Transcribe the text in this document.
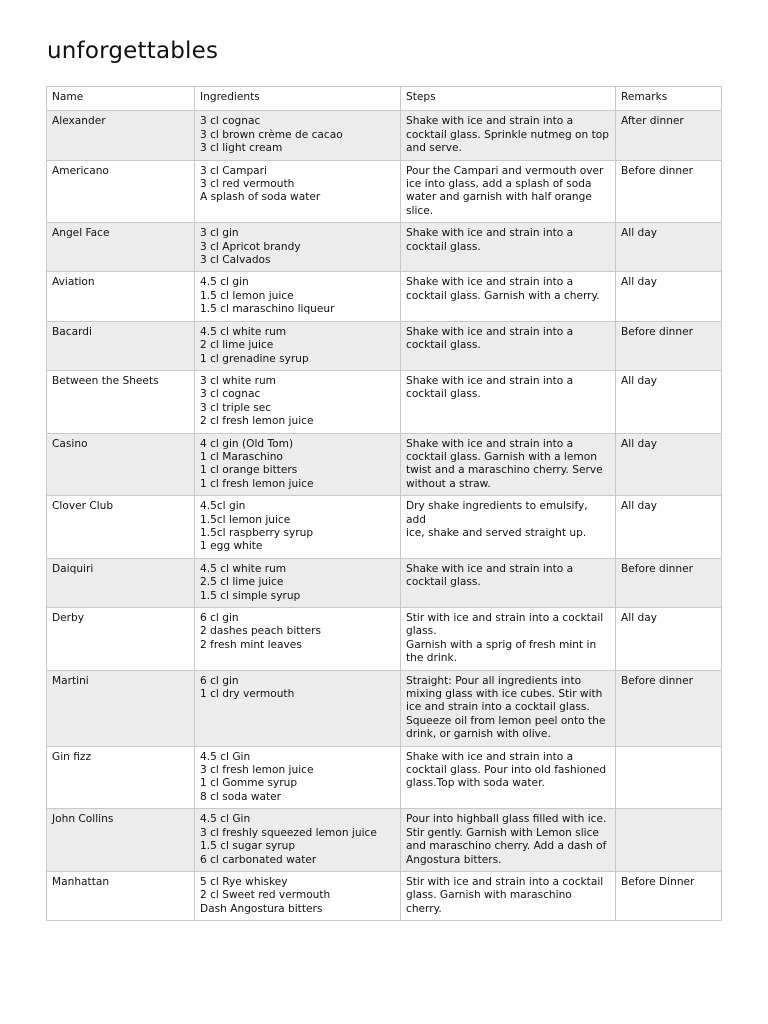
unforgettables
Name	Ingredients	Steps	Remarks
Alexander	3 cl cognac
3 cl brown crème de cacao
3 cl light cream	Shake with ice and strain into a
cocktail glass. Sprinkle nutmeg on top
and serve.	After dinner
Americano	3 cl Campari
3 cl red vermouth
A splash of soda water	Pour the Campari and vermouth over
ice into glass, add a splash of soda
water and garnish with half orange
slice.	Before dinner
Angel Face	3 cl gin
3 cl Apricot brandy
3 cl Calvados	Shake with ice and strain into a
cocktail glass.	All day
Aviation	4.5 cl gin
1.5 cl lemon juice
1.5 cl maraschino liqueur	Shake with ice and strain into a
cocktail glass. Garnish with a cherry.	All day
Bacardi	4.5 cl white rum
2 cl lime juice
1 cl grenadine syrup	Shake with ice and strain into a
cocktail glass.	Before dinner
Between the Sheets	3 cl white rum
3 cl cognac
3 cl triple sec
2 cl fresh lemon juice	Shake with ice and strain into a
cocktail glass.	All day
Casino	4 cl gin (Old Tom)
1 cl Maraschino
1 cl orange bitters
1 cl fresh lemon juice	Shake with ice and strain into a
cocktail glass. Garnish with a lemon
twist and a maraschino cherry. Serve
without a straw.	All day
Clover Club	4.5cl gin
1.5cl lemon juice
1.5cl raspberry syrup
1 egg white	Dry shake ingredients to emulsify, add
ice, shake and served straight up.	All day
Daiquiri	4.5 cl white rum
2.5 cl lime juice
1.5 cl simple syrup	Shake with ice and strain into a
cocktail glass.	Before dinner
Derby	6 cl gin
2 dashes peach bitters
2 fresh mint leaves	Stir with ice and strain into a cocktail
glass.
Garnish with a sprig of fresh mint in
the drink.	All day
Martini	6 cl gin
1 cl dry vermouth	Straight: Pour all ingredients into
mixing glass with ice cubes. Stir with
ice and strain into a cocktail glass.
Squeeze oil from lemon peel onto the
drink, or garnish with olive.	Before dinner
Gin fizz	4.5 cl Gin
3 cl fresh lemon juice
1 cl Gomme syrup
8 cl soda water	Shake with ice and strain into a
cocktail glass. Pour into old fashioned
glass.Top with soda water.	
John Collins	4.5 cl Gin
3 cl freshly squeezed lemon juice
1.5 cl sugar syrup
6 cl carbonated water	Pour into highball glass filled with ice.
Stir gently. Garnish with Lemon slice
and maraschino cherry. Add a dash of
Angostura bitters.	
Manhattan	5 cl Rye whiskey
2 cl Sweet red vermouth
Dash Angostura bitters	Stir with ice and strain into a cocktail
glass. Garnish with maraschino cherry.	Before Dinner
